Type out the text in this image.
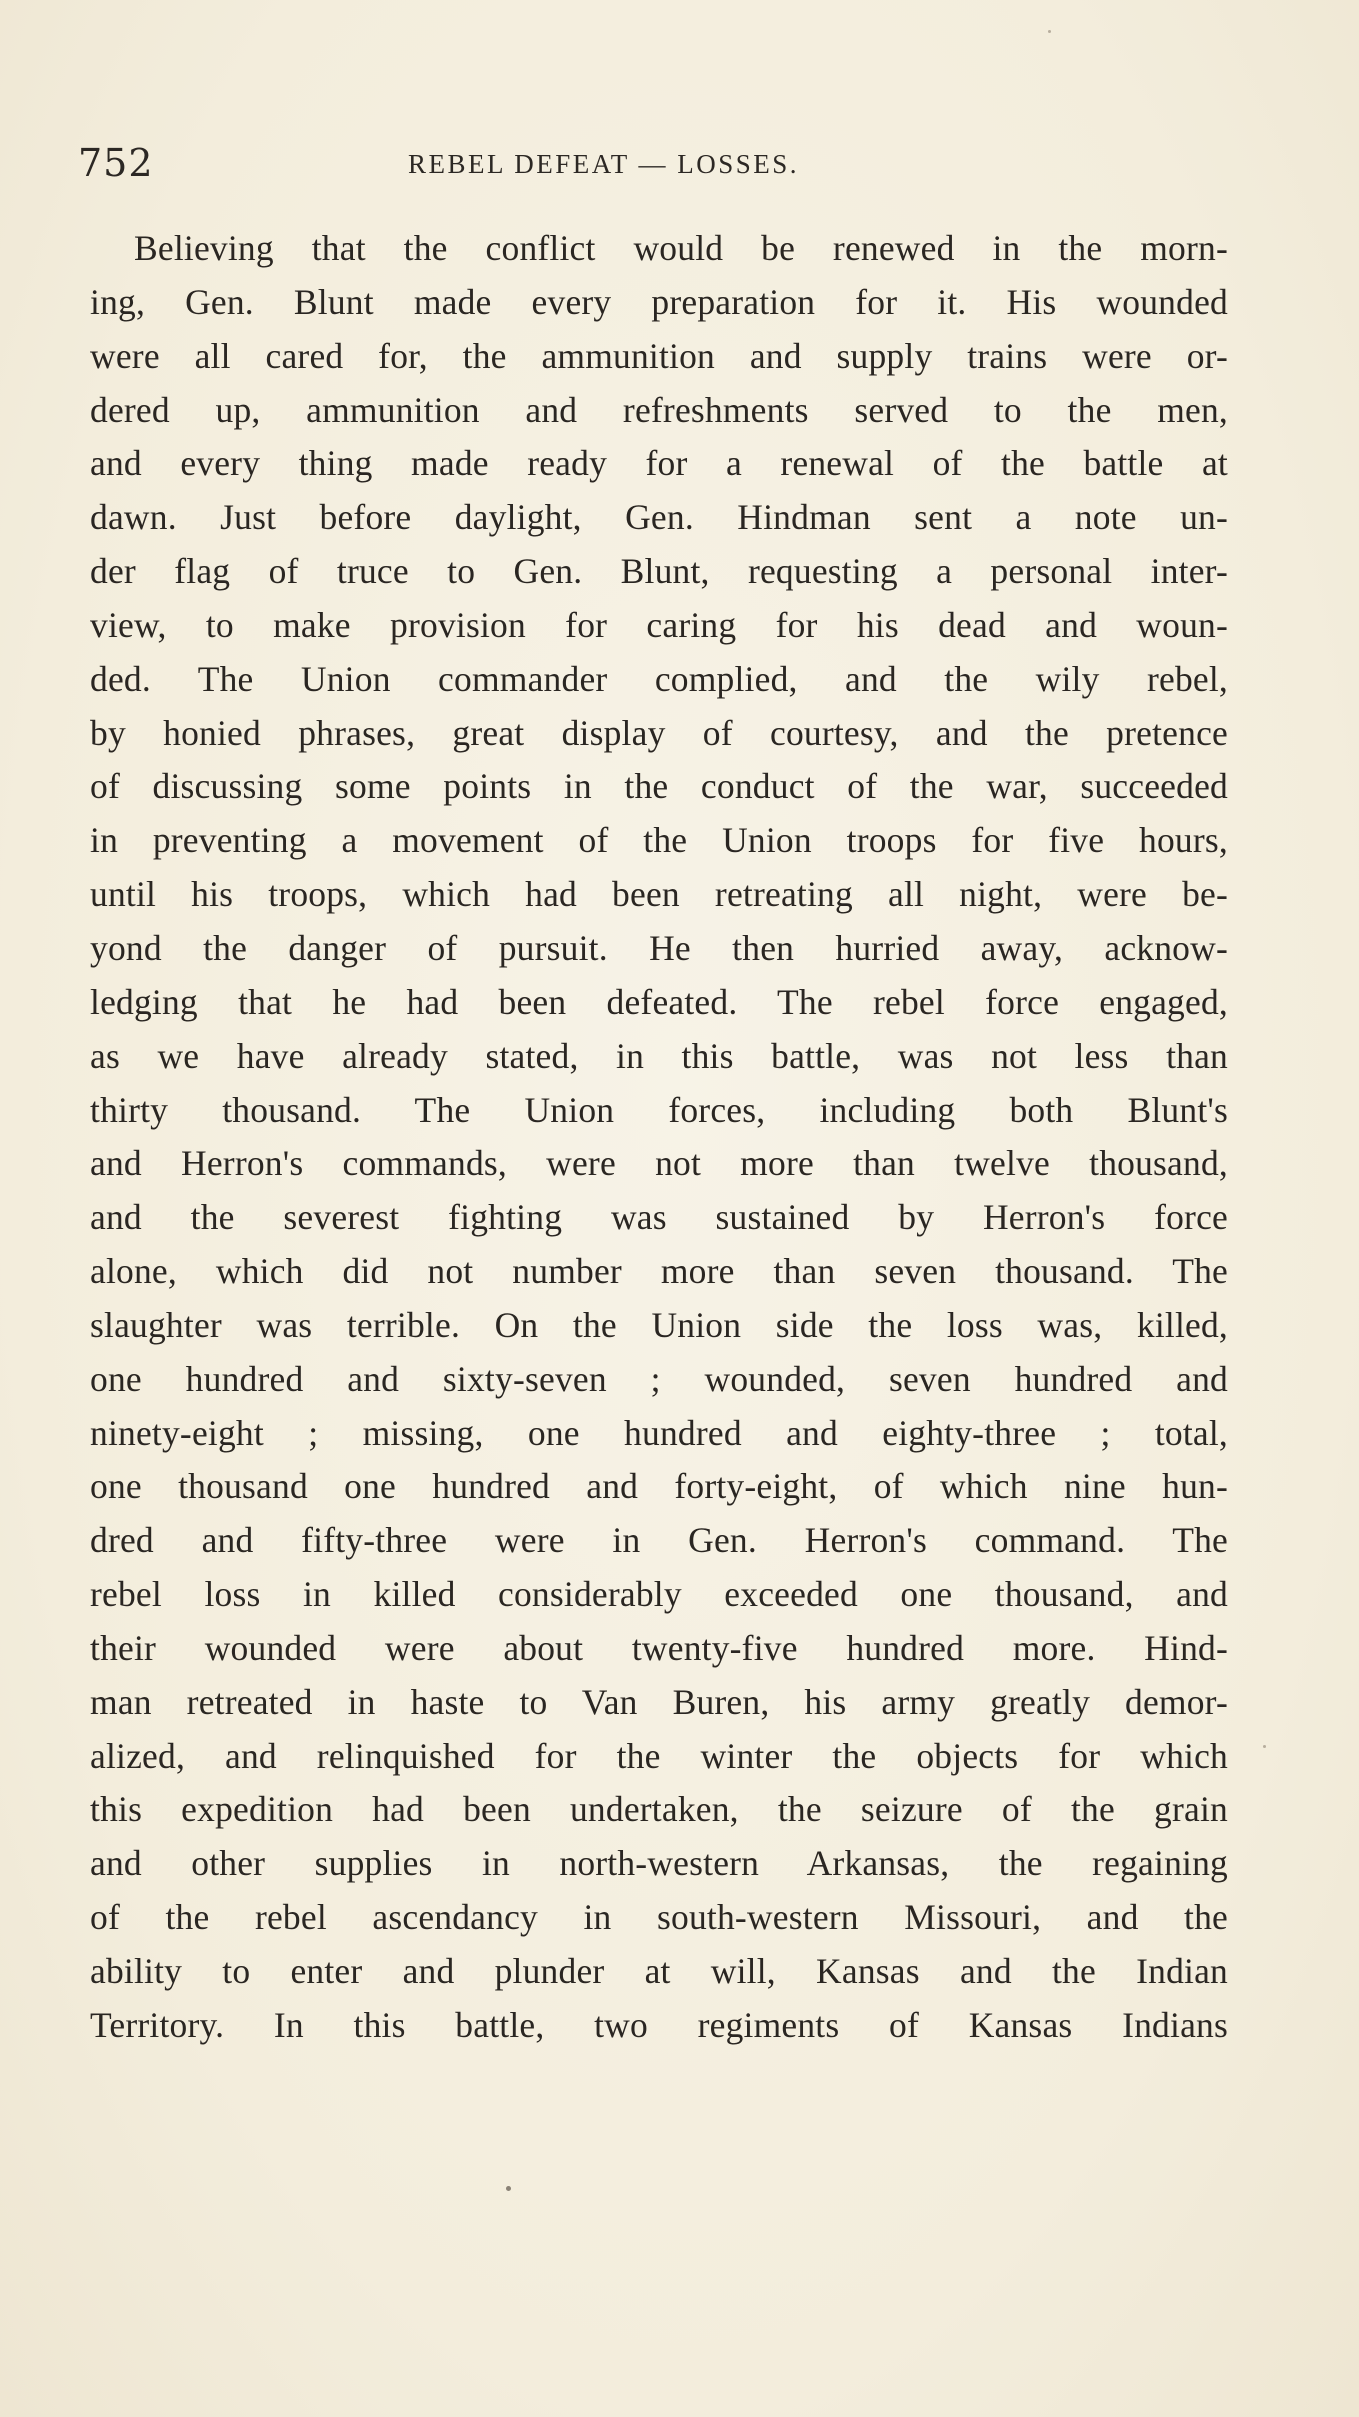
752	REBEL DEFEAT — LOSSES.
Believing that the conflict would be renewed in the morn-
ing, Gen. Blunt made every preparation for it. His wounded
were all cared for, the ammunition and supply trains were or-
dered up, ammunition and refreshments served to the men,
and every thing made ready for a renewal of the battle at
dawn. Just before daylight, Gen. Hindman sent a note un-
der flag of truce to Gen. Blunt, requesting a personal inter-
view, to make provision for caring for his dead and woun-
ded. The Union commander complied, and the wily rebel,
by honied phrases, great display of courtesy, and the pretence
of discussing some points in the conduct of the war, succeeded
in preventing a movement of the Union troops for five hours,
until his troops, which had been retreating all night, were be-
yond the danger of pursuit. He then hurried away, acknow-
ledging that he had been defeated. The rebel force engaged,
as we have already stated, in this battle, was not less than
thirty thousand. The Union forces, including both Blunt's
and Herron's commands, were not more than twelve thousand,
and the severest fighting was sustained by Herron's force
alone, which did not number more than seven thousand. The
slaughter was terrible. On the Union side the loss was, killed,
one hundred and sixty-seven ; wounded, seven hundred and
ninety-eight ; missing, one hundred and eighty-three ; total,
one thousand one hundred and forty-eight, of which nine hun-
dred and fifty-three were in Gen. Herron's command. The
rebel loss in killed considerably exceeded one thousand, and
their wounded were about twenty-five hundred more. Hind-
man retreated in haste to Van Buren, his army greatly demor-
alized, and relinquished for the winter the objects for which
this expedition had been undertaken, the seizure of the grain
and other supplies in north-western Arkansas, the regaining
of the rebel ascendancy in south-western Missouri, and the
ability to enter and plunder at will, Kansas and the Indian
Territory. In this battle, two regiments of Kansas Indians
